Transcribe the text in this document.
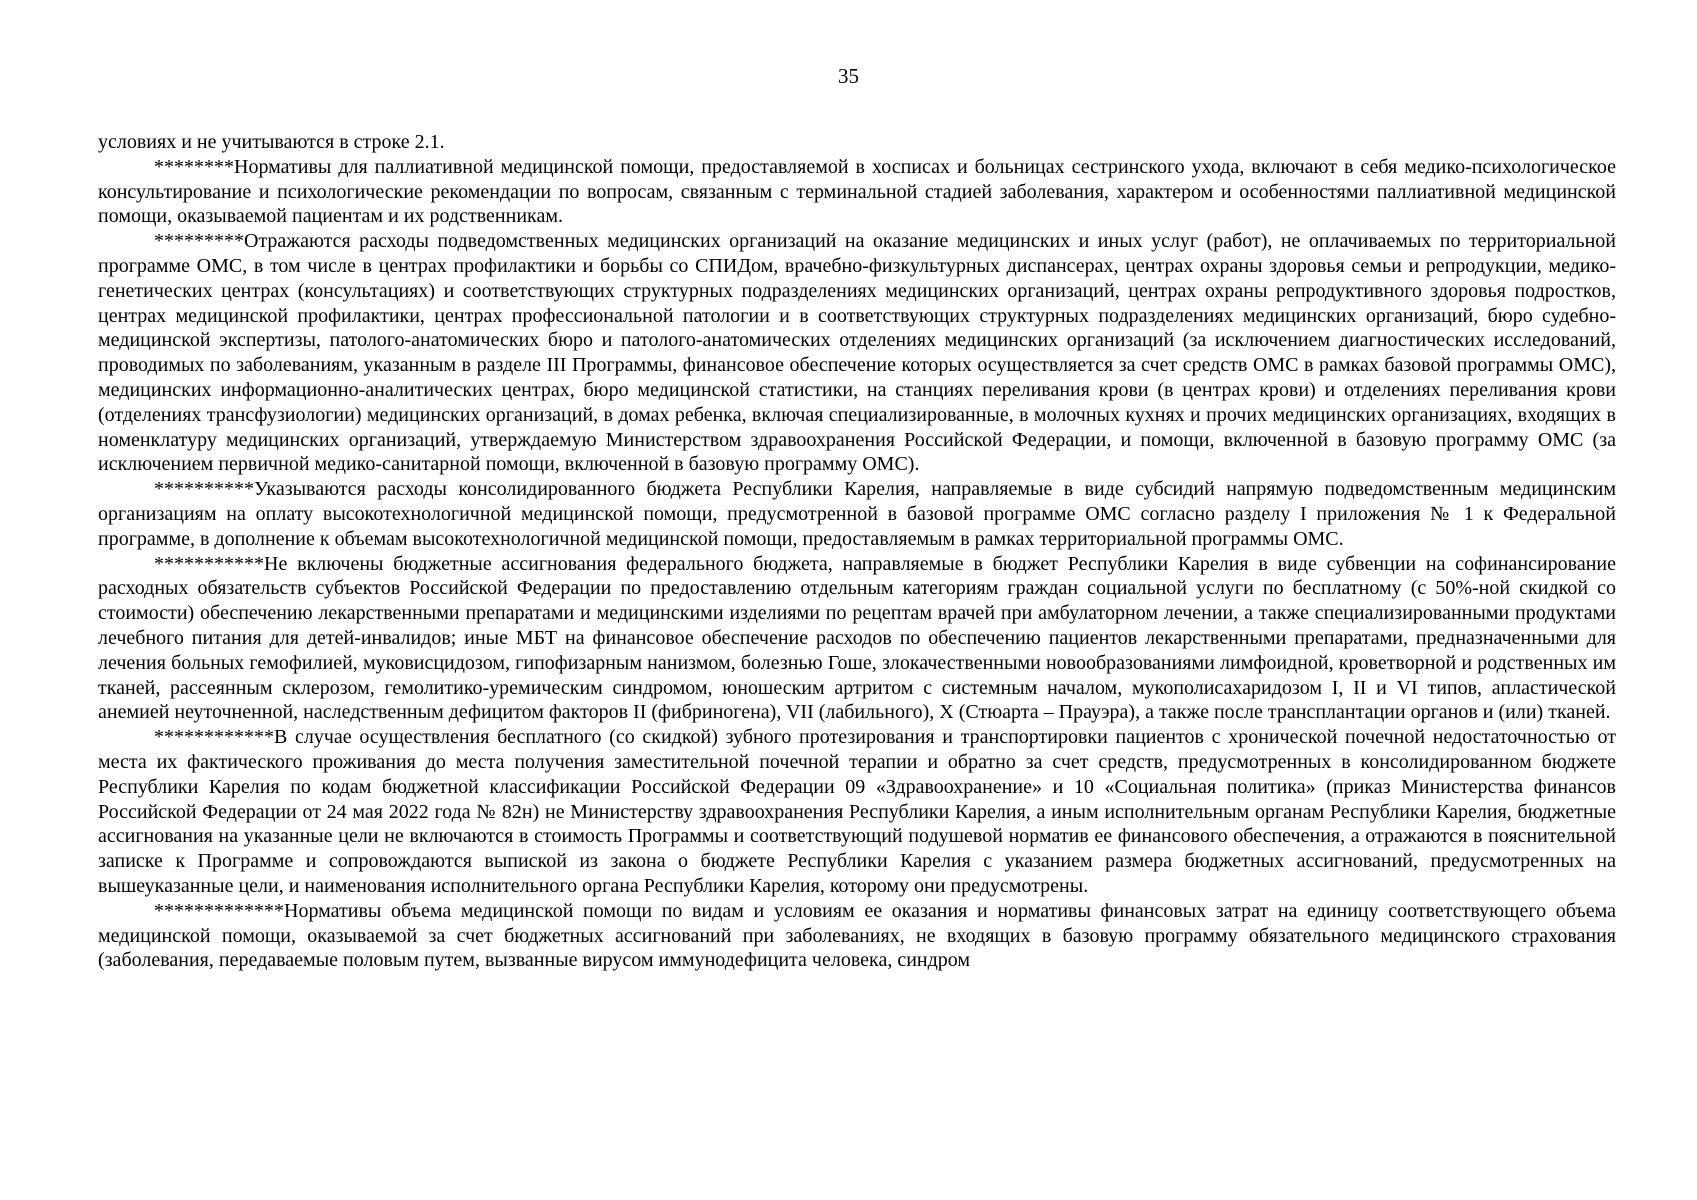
35

условиях и не учитываются в строке 2.1.

********Нормативы для паллиативной медицинской помощи, предоставляемой в хосписах и больницах сестринского ухода, включают в себя медико-психологическое консультирование и психологические рекомендации по вопросам, связанным с терминальной стадией заболевания, характером и особенностями паллиативной медицинской помощи, оказываемой пациентам и их родственникам.

*********Отражаются расходы подведомственных медицинских организаций на оказание медицинских и иных услуг (работ), не оплачиваемых по территориальной программе ОМС, в том числе в центрах профилактики и борьбы со СПИДом, врачебно-физкультурных диспансерах, центрах охраны здоровья семьи и репродукции, медико-генетических центрах (консультациях) и соответствующих структурных подразделениях медицинских организаций, центрах охраны репродуктивного здоровья подростков, центрах медицинской профилактики, центрах профессиональной патологии и в соответствующих структурных подразделениях медицинских организаций, бюро судебно-медицинской экспертизы, патолого-анатомических бюро и патолого-анатомических отделениях медицинских организаций (за исключением диагностических исследований, проводимых по заболеваниям, указанным в разделе III Программы, финансовое обеспечение которых осуществляется за счет средств ОМС в рамках базовой программы ОМС), медицинских информационно-аналитических центрах, бюро медицинской статистики, на станциях переливания крови (в центрах крови) и отделениях переливания крови (отделениях трансфузиологии) медицинских организаций, в домах ребенка, включая специализированные, в молочных кухнях и прочих медицинских организациях, входящих в номенклатуру медицинских организаций, утверждаемую Министерством здравоохранения Российской Федерации, и помощи, включенной в базовую программу ОМС (за исключением первичной медико-санитарной помощи, включенной в базовую программу ОМС).

**********Указываются расходы консолидированного бюджета Республики Карелия, направляемые в виде субсидий напрямую подведомственным медицинским организациям на оплату высокотехнологичной медицинской помощи, предусмотренной в базовой программе ОМС согласно разделу I приложения № 1 к Федеральной программе, в дополнение к объемам высокотехнологичной медицинской помощи, предоставляемым в рамках территориальной программы ОМС.

***********Не включены бюджетные ассигнования федерального бюджета, направляемые в бюджет Республики Карелия в виде субвенции на софинансирование расходных обязательств субъектов Российской Федерации по предоставлению отдельным категориям граждан социальной услуги по бесплатному (с 50%-ной скидкой со стоимости) обеспечению лекарственными препаратами и медицинскими изделиями по рецептам врачей при амбулаторном лечении, а также специализированными продуктами лечебного питания для детей-инвалидов; иные МБТ на финансовое обеспечение расходов по обеспечению пациентов лекарственными препаратами, предназначенными для лечения больных гемофилией, муковисцидозом, гипофизарным нанизмом, болезнью Гоше, злокачественными новообразованиями лимфоидной, кроветворной и родственных им тканей, рассеянным склерозом, гемолитико-уремическим синдромом, юношеским артритом с системным началом, мукополисахаридозом I, II и VI типов, апластической анемией неуточненной, наследственным дефицитом факторов II (фибриногена), VII (лабильного), X (Стюарта – Прауэра), а также после трансплантации органов и (или) тканей.

************В случае осуществления бесплатного (со скидкой) зубного протезирования и транспортировки пациентов с хронической почечной недостаточностью от места их фактического проживания до места получения заместительной почечной терапии и обратно за счет средств, предусмотренных в консолидированном бюджете Республики Карелия по кодам бюджетной классификации Российской Федерации 09 «Здравоохранение» и 10 «Социальная политика» (приказ Министерства финансов Российской Федерации от 24 мая 2022 года № 82н) не Министерству здравоохранения Республики Карелия, а иным исполнительным органам Республики Карелия, бюджетные ассигнования на указанные цели не включаются в стоимость Программы и соответствующий подушевой норматив ее финансового обеспечения, а отражаются в пояснительной записке к Программе и сопровождаются выпиской из закона о бюджете Республики Карелия с указанием размера бюджетных ассигнований, предусмотренных на вышеуказанные цели, и наименования исполнительного органа Республики Карелия, которому они предусмотрены.

*************Нормативы объема медицинской помощи по видам и условиям ее оказания и нормативы финансовых затрат на единицу соответствующего объема медицинской помощи, оказываемой за счет бюджетных ассигнований при заболеваниях, не входящих в базовую программу обязательного медицинского страхования (заболевания, передаваемые половым путем, вызванные вирусом иммунодефицита человека, синдром
